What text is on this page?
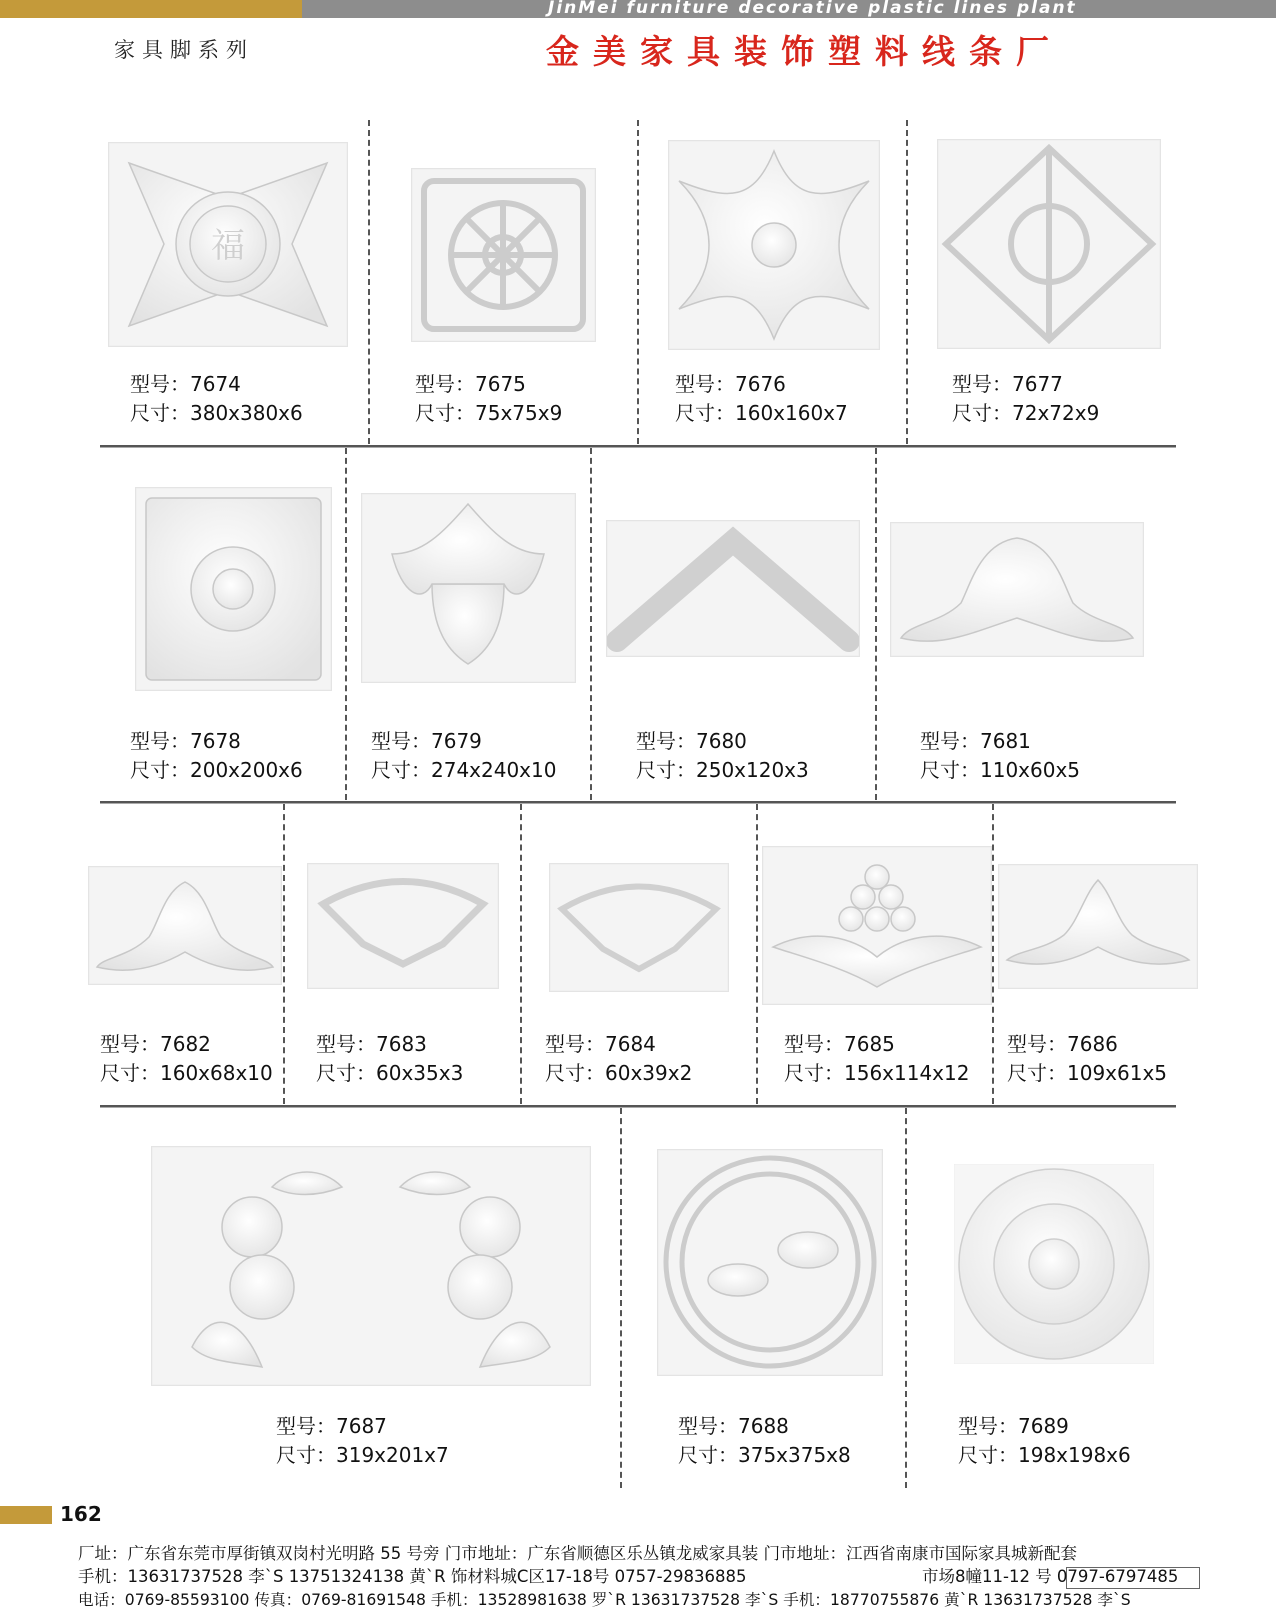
JinMei furniture decorative plastic lines plant
家具脚系列	金美家具装饰塑料线条厂
福
型号：7674
尺寸：380x380x6
型号：7675
尺寸：75x75x9
型号：7676
尺寸：160x160x7
型号：7677
尺寸：72x72x9
型号：7678
尺寸：200x200x6
型号：7679
尺寸：274x240x10
型号：7680
尺寸：250x120x3
型号：7681
尺寸：110x60x5
型号：7682
尺寸：160x68x10
型号：7683
尺寸：60x35x3
型号：7684
尺寸：60x39x2
型号：7685
尺寸：156x114x12
型号：7686
尺寸：109x61x5
型号：7687
尺寸：319x201x7
型号：7688
尺寸：375x375x8
型号：7689
尺寸：198x198x6
162
厂址：广东省东莞市厚街镇双岗村光明路 55 号旁 门市地址：广东省顺德区乐丛镇龙威家具装 门市地址：江西省南康市国际家具城新配套
手机：13631737528 李`S 13751324138 黄`R 饰材料城C区17-18号 0757-29836885	市场8幢11-12 号 0797-6797485
电话：0769-85593100 传真：0769-81691548 手机：13528981638 罗`R 13631737528 李`S 手机：18770755876 黄`R 13631737528 李`S
